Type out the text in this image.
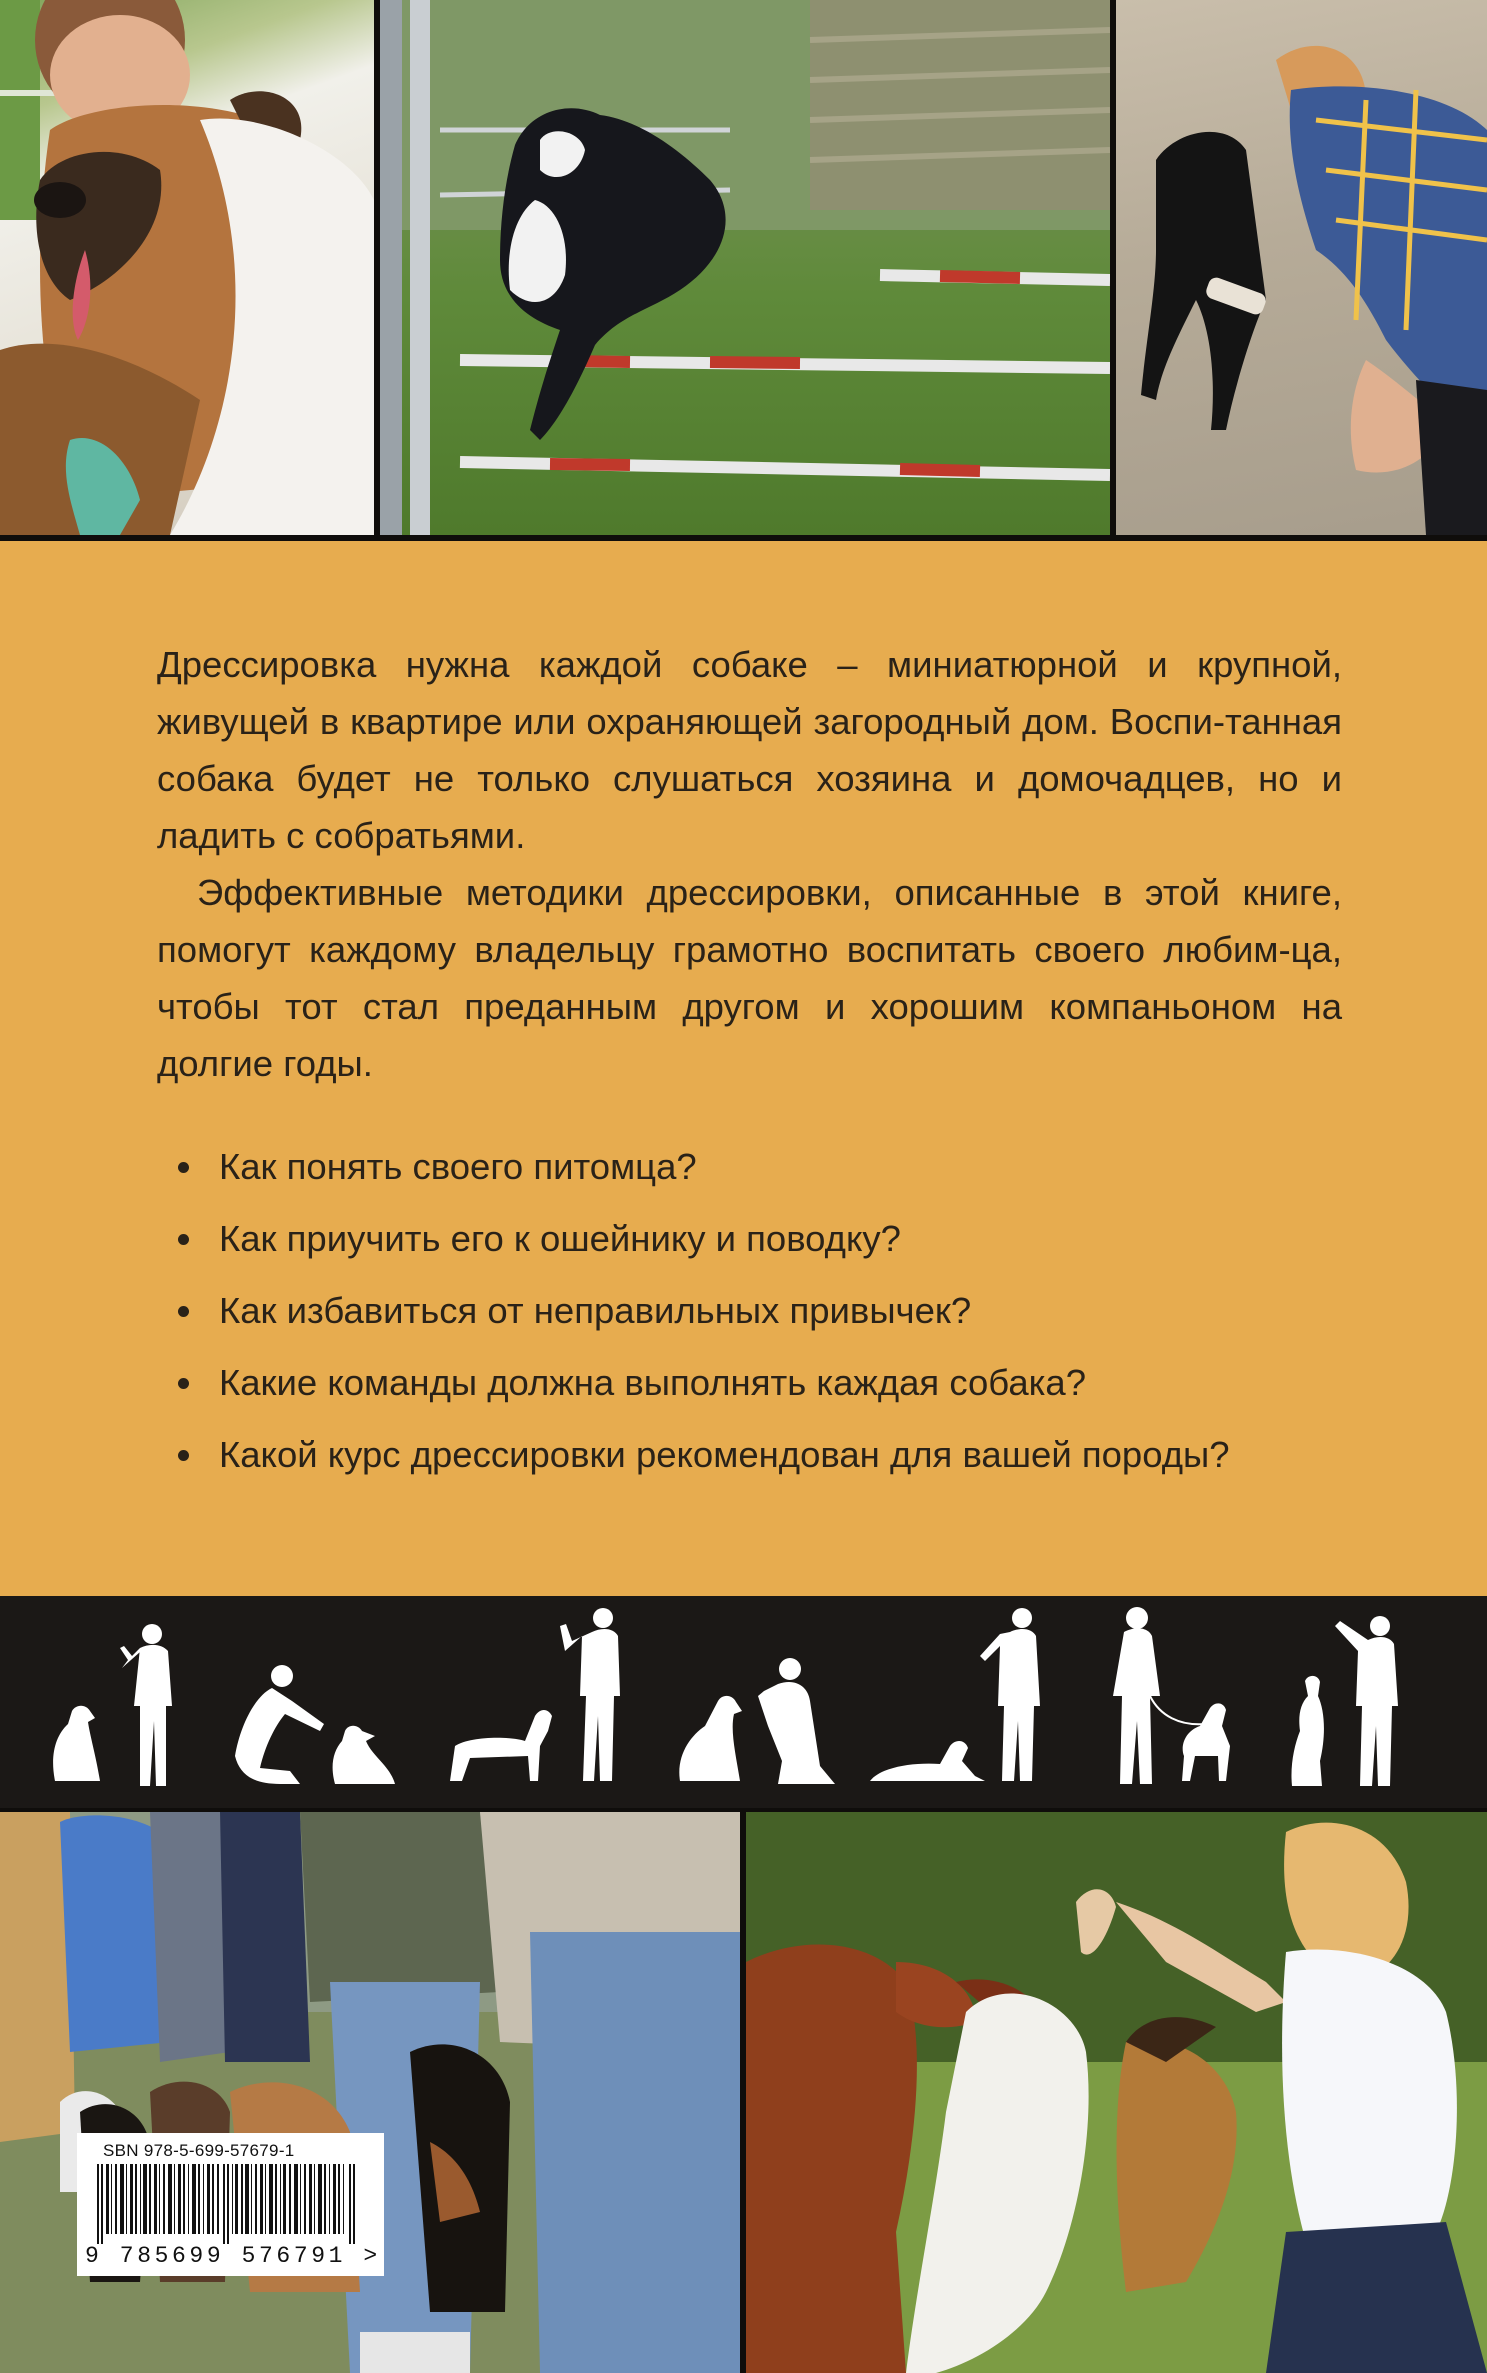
Дрессировка нужна каждой собаке – миниатюрной и крупной, живущей в квартире или охраняющей загородный дом. Воспи-танная собака будет не только слушаться хозяина и домочадцев, но и ладить с собратьями.

Эффективные методики дрессировки, описанные в этой книге, помогут каждому владельцу грамотно воспитать своего любим-ца, чтобы тот стал преданным другом и хорошим компаньоном на долгие годы.

Как понять своего питомца?
Как приучить его к ошейнику и поводку?
Как избавиться от неправильных привычек?
Какие команды должна выполнять каждая собака?
Какой курс дрессировки рекомендован для вашей породы?
SBN 978-5-699-57679-1
9 785699 576791 >
